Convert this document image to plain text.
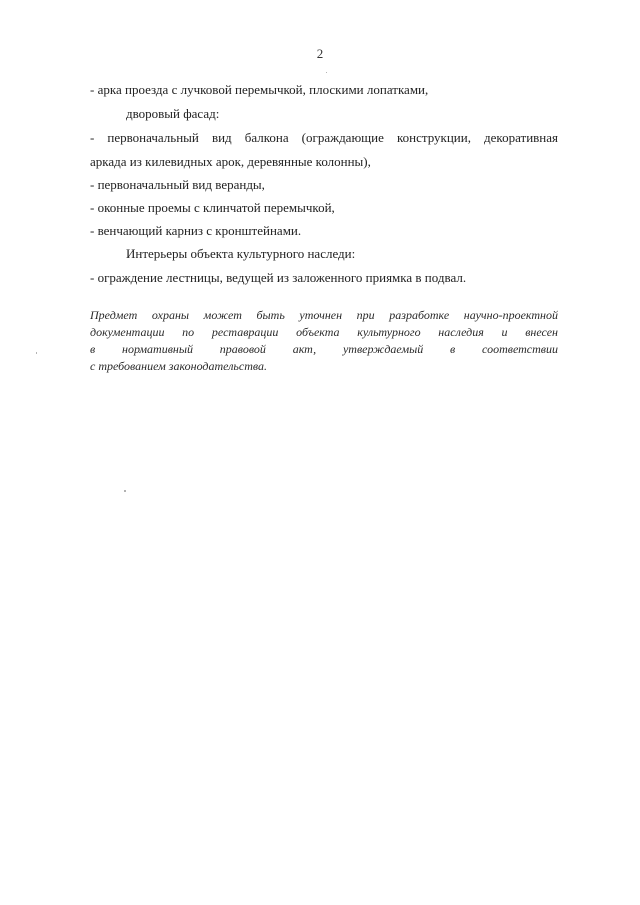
2
- арка проезда с лучковой перемычкой, плоскими лопатками,
дворовый фасад:
- первоначальный вид балкона (ограждающие конструкции, декоративная
аркада из килевидных арок, деревянные колонны),
- первоначальный вид веранды,
- оконные проемы с клинчатой перемычкой,
- венчающий карниз с кронштейнами.
Интерьеры объекта культурного наследи:
- ограждение лестницы, ведущей из заложенного приямка в подвал.
Предмет охраны может быть уточнен при разработке научно-проектной
документации по реставрации объекта культурного наследия и внесен
в нормативный правовой акт, утверждаемый в соответствии
с требованием законодательства.
